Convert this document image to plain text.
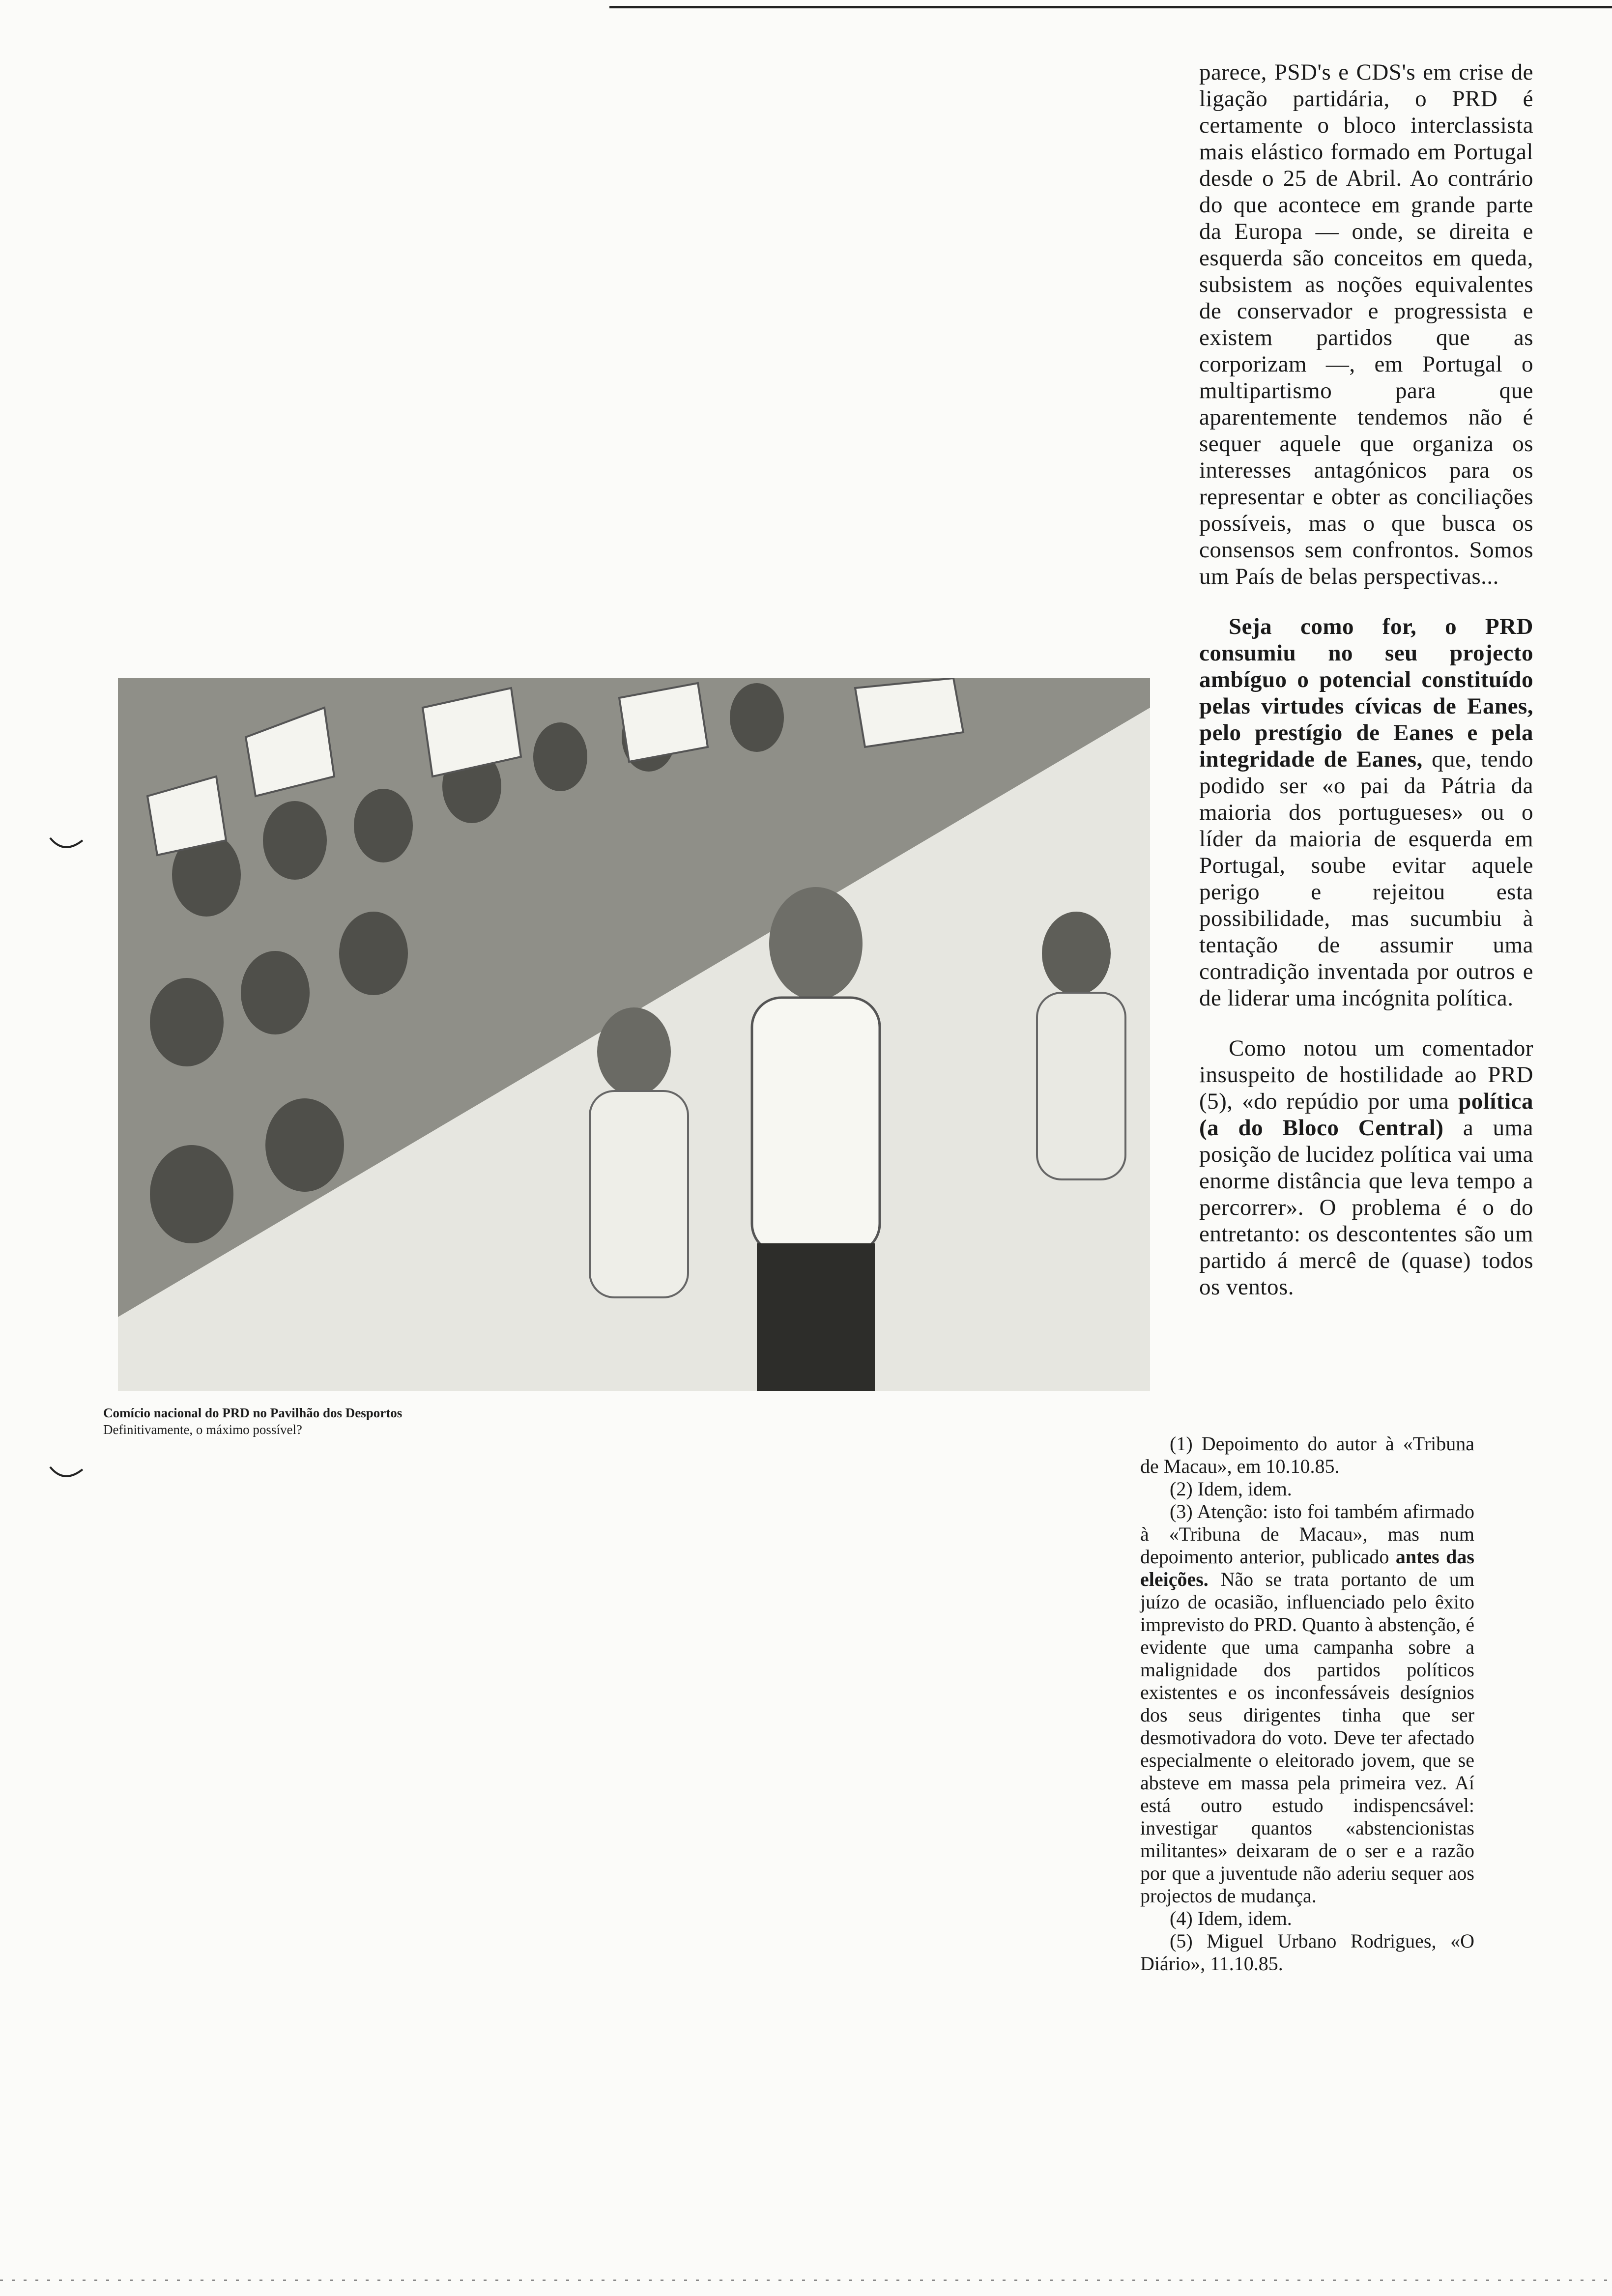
parece, PSD's e CDS's em crise de ligação partidária, o PRD é certamente o bloco interclassista mais elástico formado em Portugal desde o 25 de Abril. Ao contrário do que acontece em grande parte da Europa — onde, se direita e esquerda são conceitos em queda, subsistem as noções equivalentes de conservador e progressista e existem partidos que as corporizam —, em Portugal o multipartismo para que aparentemente tendemos não é sequer aquele que organiza os interesses antagónicos para os representar e obter as conciliações possíveis, mas o que busca os consensos sem confrontos. Somos um País de belas perspectivas...

Seja como for, o PRD consumiu no seu projecto ambíguo o potencial constituído pelas virtudes cívicas de Eanes, pelo prestígio de Eanes e pela integridade de Eanes, que, tendo podido ser «o pai da Pátria da maioria dos portugueses» ou o líder da maioria de esquerda em Portugal, soube evitar aquele perigo e rejeitou esta possibilidade, mas sucumbiu à tentação de assumir uma contradição inventada por outros e de liderar uma incógnita política.

Como notou um comentador insuspeito de hostilidade ao PRD (5), «do repúdio por uma política (a do Bloco Central) a uma posição de lucidez política vai uma enorme distância que leva tempo a percorrer». O problema é o do entretanto: os descontentes são um partido á mercê de (quase) todos os ventos.

Comício nacional do PRD no Pavilhão dos Desportos
Definitivamente, o máximo possível?

(1) Depoimento do autor à «Tribuna de Macau», em 10.10.85.

(2) Idem, idem.

(3) Atenção: isto foi também afirmado à «Tribuna de Macau», mas num depoimento anterior, publicado antes das eleições. Não se trata portanto de um juízo de ocasião, influenciado pelo êxito imprevisto do PRD. Quanto à abstenção, é evidente que uma campanha sobre a malignidade dos partidos políticos existentes e os inconfessáveis desígnios dos seus dirigentes tinha que ser desmotivadora do voto. Deve ter afectado especialmente o eleitorado jovem, que se absteve em massa pela primeira vez. Aí está outro estudo indispencsável: investigar quantos «abstencionistas militantes» deixaram de o ser e a razão por que a juventude não aderiu sequer aos projectos de mudança.

(4) Idem, idem.

(5) Miguel Urbano Rodrigues, «O Diário», 11.10.85.
